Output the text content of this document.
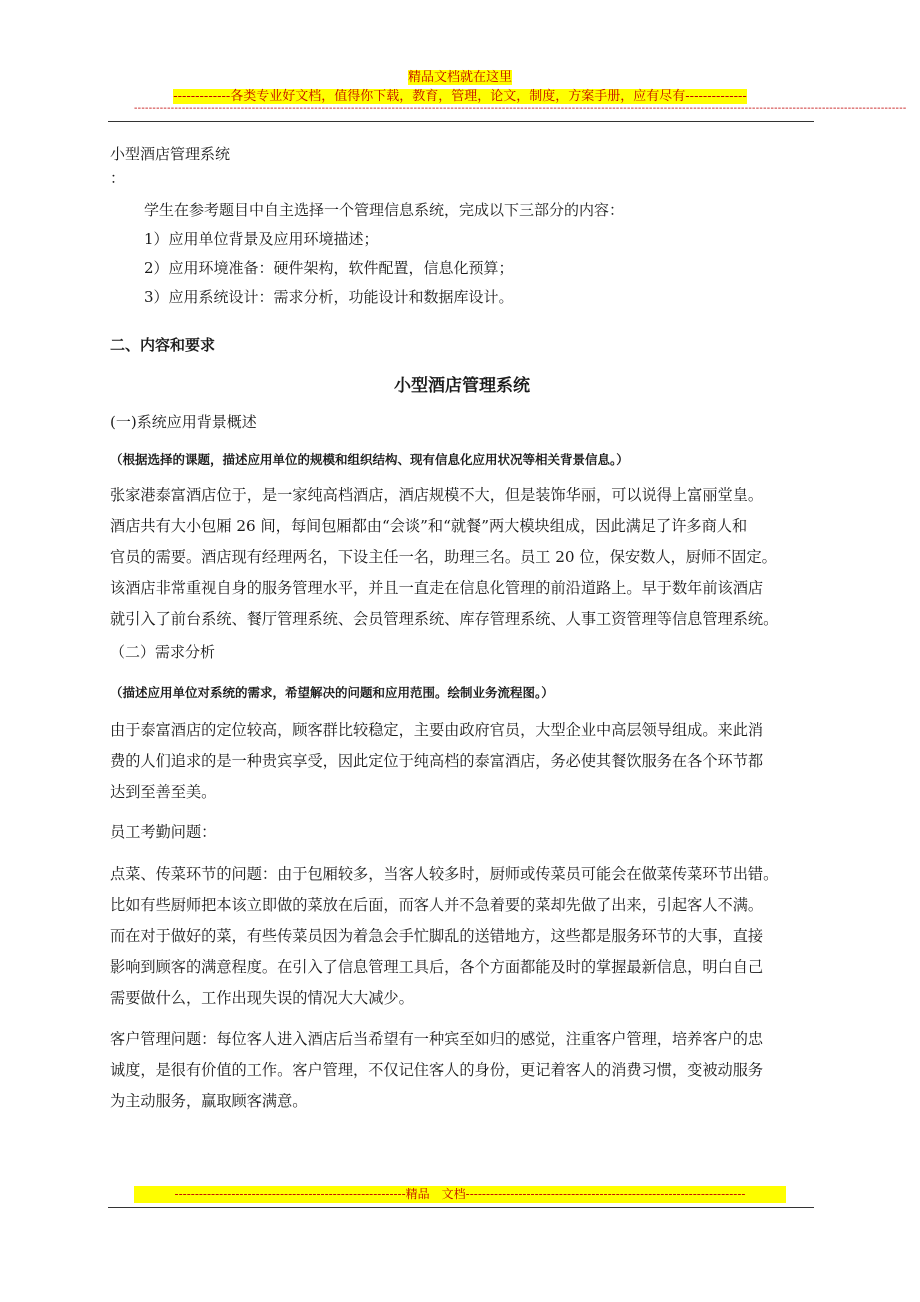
精品文档就在这里
-------------各类专业好文档，值得你下载，教育，管理，论文，制度，方案手册，应有尽有--------------
------------------------------------------------------------------------------------------------------------------------------------------------------------------------------------------------------------------
小型酒店管理系统
：
学生在参考题目中自主选择一个管理信息系统，完成以下三部分的内容：
1）应用单位背景及应用环境描述；
2）应用环境准备：硬件架构，软件配置，信息化预算；
3）应用系统设计：需求分析，功能设计和数据库设计。
二、内容和要求
小型酒店管理系统
(一)系统应用背景概述
（根据选择的课题，描述应用单位的规模和组织结构、现有信息化应用状况等相关背景信息。）
张家港泰富酒店位于，是一家纯高档酒店，酒店规模不大，但是装饰华丽，可以说得上富丽堂皇。
酒店共有大小包厢 26 间，每间包厢都由“会谈”和“就餐”两大模块组成，因此满足了许多商人和
官员的需要。酒店现有经理两名，下设主任一名，助理三名。员工 20 位，保安数人，厨师不固定。
该酒店非常重视自身的服务管理水平，并且一直走在信息化管理的前沿道路上。早于数年前该酒店
就引入了前台系统、餐厅管理系统、会员管理系统、库存管理系统、人事工资管理等信息管理系统。
（二）需求分析
（描述应用单位对系统的需求，希望解决的问题和应用范围。绘制业务流程图。）
由于泰富酒店的定位较高，顾客群比较稳定，主要由政府官员，大型企业中高层领导组成。来此消
费的人们追求的是一种贵宾享受，因此定位于纯高档的泰富酒店，务必使其餐饮服务在各个环节都
达到至善至美。
员工考勤问题：
点菜、传菜环节的问题：由于包厢较多，当客人较多时，厨师或传菜员可能会在做菜传菜环节出错。
比如有些厨师把本该立即做的菜放在后面，而客人并不急着要的菜却先做了出来，引起客人不满。
而在对于做好的菜，有些传菜员因为着急会手忙脚乱的送错地方，这些都是服务环节的大事，直接
影响到顾客的满意程度。在引入了信息管理工具后，各个方面都能及时的掌握最新信息，明白自己
需要做什么，工作出现失误的情况大大减少。
客户管理问题：每位客人进入酒店后当希望有一种宾至如归的感觉，注重客户管理，培养客户的忠
诚度，是很有价值的工作。客户管理，不仅记住客人的身份，更记着客人的消费习惯，变被动服务
为主动服务，赢取顾客满意。
---------------------------------------------------------精品　文档---------------------------------------------------------------------
